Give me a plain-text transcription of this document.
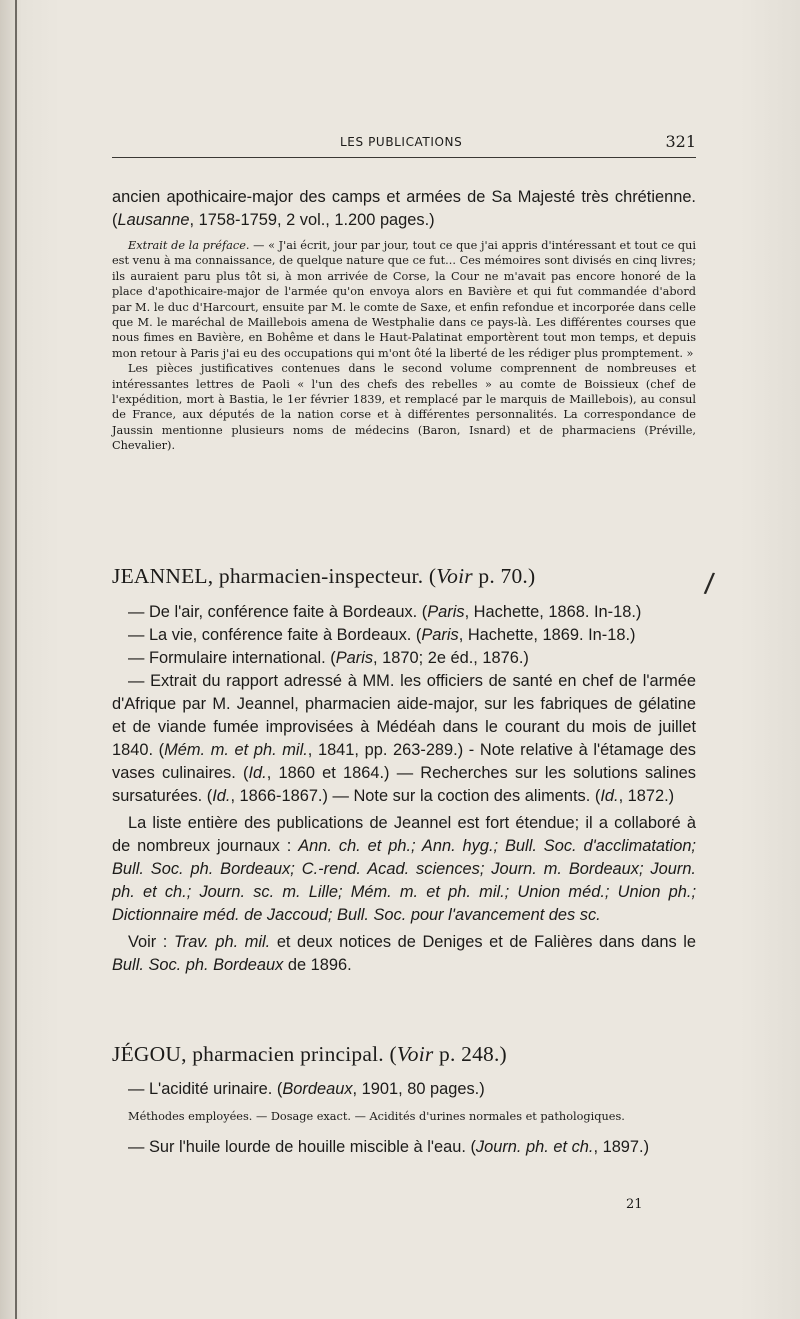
LES PUBLICATIONS	321

ancien apothicaire-major des camps et armées de Sa Majesté très chrétienne. (Lausanne, 1758-1759, 2 vol., 1.200 pages.)

Extrait de la préface. — « J'ai écrit, jour par jour, tout ce que j'ai appris d'intéressant et tout ce qui est venu à ma connaissance, de quelque nature que ce fut... Ces mémoires sont divisés en cinq livres; ils auraient paru plus tôt si, à mon arrivée de Corse, la Cour ne m'avait pas encore honoré de la place d'apothicaire-major de l'armée qu'on envoya alors en Bavière et qui fut commandée d'abord par M. le duc d'Harcourt, ensuite par M. le comte de Saxe, et enfin refondue et incorporée dans celle que M. le maréchal de Maillebois amena de Westphalie dans ce pays-là. Les différentes courses que nous fimes en Bavière, en Bohême et dans le Haut-Palatinat emportèrent tout mon temps, et depuis mon retour à Paris j'ai eu des occupations qui m'ont ôté la liberté de les rédiger plus promptement. »

Les pièces justificatives contenues dans le second volume comprennent de nombreuses et intéressantes lettres de Paoli « l'un des chefs des rebelles » au comte de Boissieux (chef de l'expédition, mort à Bastia, le 1er février 1839, et remplacé par le marquis de Maillebois), au consul de France, aux députés de la nation corse et à différentes personnalités. La correspondance de Jaussin mentionne plusieurs noms de médecins (Baron, Isnard) et de pharmaciens (Préville, Chevalier).

JEANNEL, pharmacien-inspecteur. (Voir p. 70.)

— De l'air, conférence faite à Bordeaux. (Paris, Hachette, 1868. In-18.)

— La vie, conférence faite à Bordeaux. (Paris, Hachette, 1869. In-18.)

— Formulaire international. (Paris, 1870; 2e éd., 1876.)

— Extrait du rapport adressé à MM. les officiers de santé en chef de l'armée d'Afrique par M. Jeannel, pharmacien aide-major, sur les fabriques de gélatine et de viande fumée improvisées à Médéah dans le courant du mois de juillet 1840. (Mém. m. et ph. mil., 1841, pp. 263-289.) - Note relative à l'étamage des vases culinaires. (Id., 1860 et 1864.) — Recherches sur les solutions salines sursaturées. (Id., 1866-1867.) — Note sur la coction des aliments. (Id., 1872.)

La liste entière des publications de Jeannel est fort étendue; il a collaboré à de nombreux journaux : Ann. ch. et ph.; Ann. hyg.; Bull. Soc. d'acclimatation; Bull. Soc. ph. Bordeaux; C.-rend. Acad. sciences; Journ. m. Bordeaux; Journ. ph. et ch.; Journ. sc. m. Lille; Mém. m. et ph. mil.; Union méd.; Union ph.; Dictionnaire méd. de Jaccoud; Bull. Soc. pour l'avancement des sc.

Voir : Trav. ph. mil. et deux notices de Deniges et de Falières dans dans le Bull. Soc. ph. Bordeaux de 1896.

JÉGOU, pharmacien principal. (Voir p. 248.)

— L'acidité urinaire. (Bordeaux, 1901, 80 pages.)

Méthodes employées. — Dosage exact. — Acidités d'urines normales et pathologiques.

— Sur l'huile lourde de houille miscible à l'eau. (Journ. ph. et ch., 1897.)

/
21
